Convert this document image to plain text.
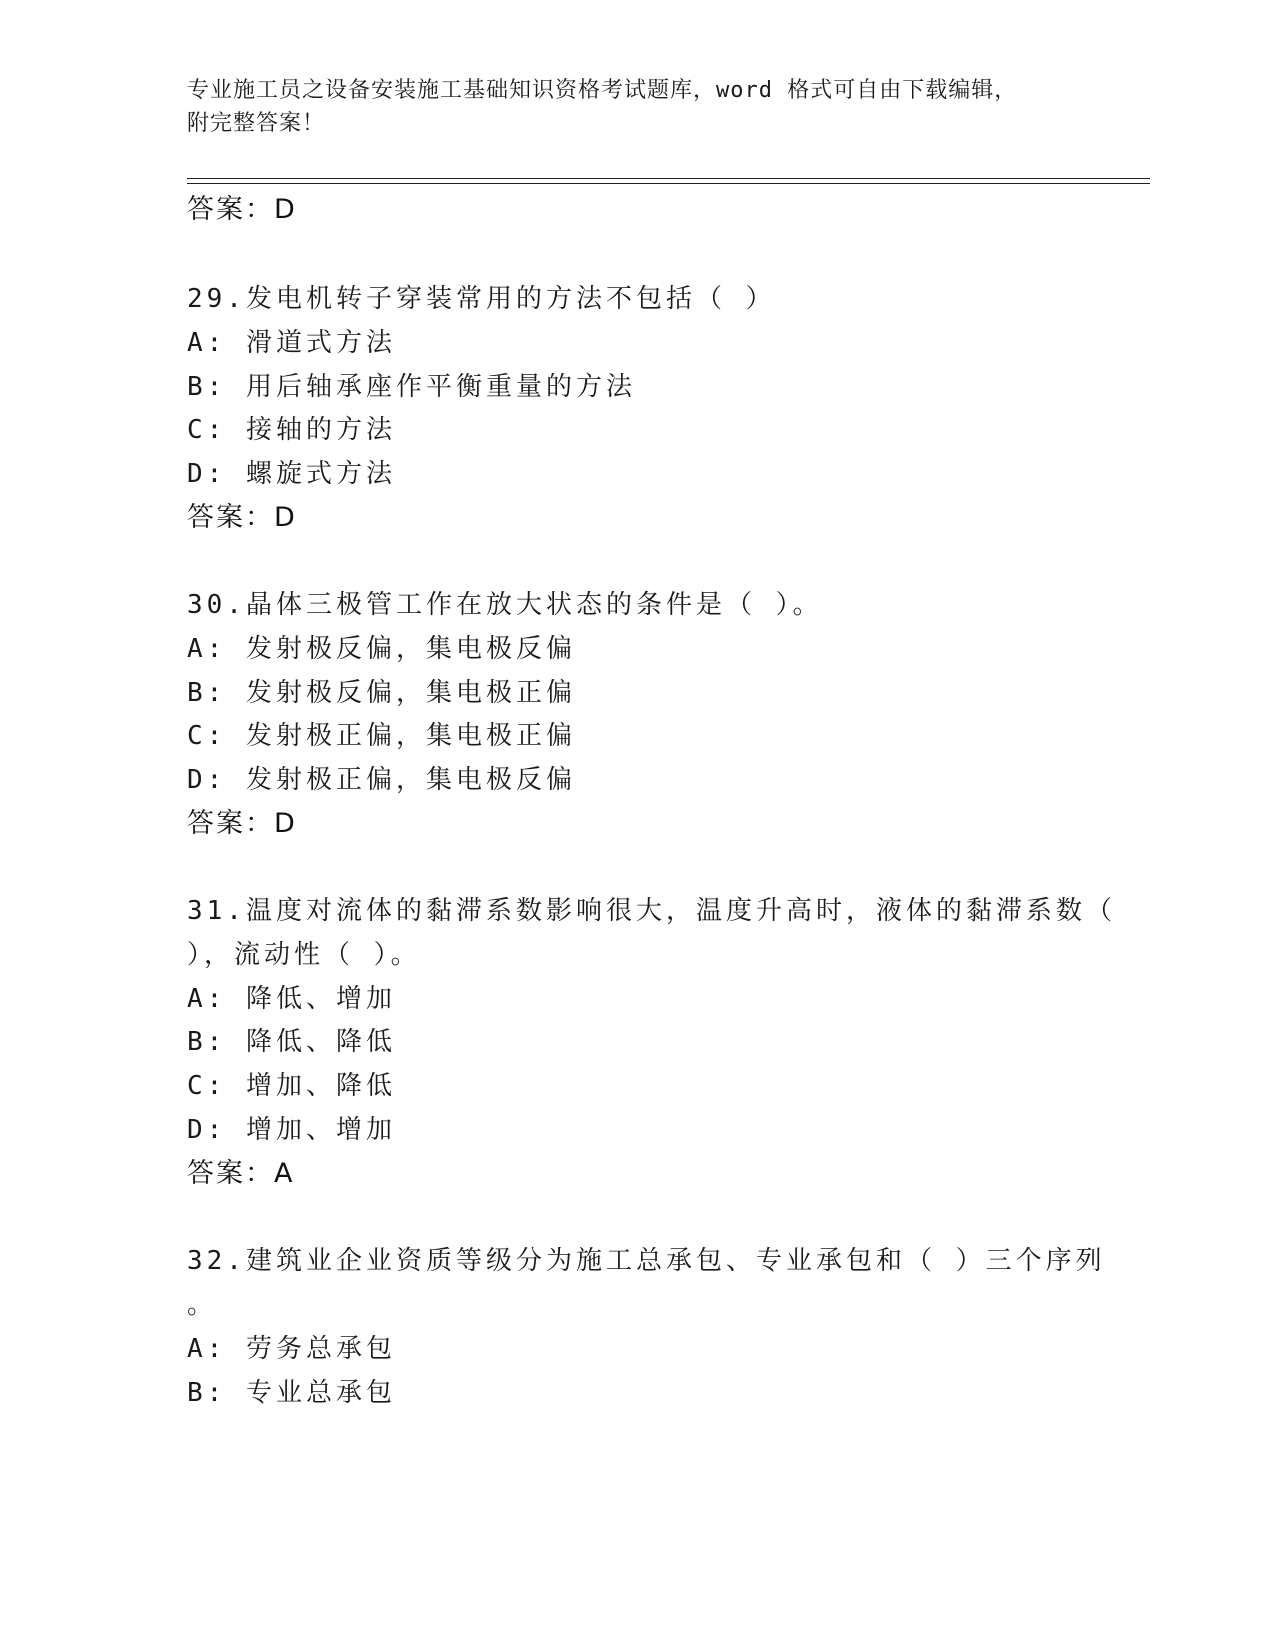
专业施工员之设备安装施工基础知识资格考试题库，word 格式可自由下载编辑，
附完整答案！
答案：D
29.发电机转子穿装常用的方法不包括（ ）
A: 滑道式方法
B: 用后轴承座作平衡重量的方法
C: 接轴的方法
D: 螺旋式方法
答案：D
30.晶体三极管工作在放大状态的条件是（ ）。
A: 发射极反偏，集电极反偏
B: 发射极反偏，集电极正偏
C: 发射极正偏，集电极正偏
D: 发射极正偏，集电极反偏
答案：D
31.温度对流体的黏滞系数影响很大，温度升高时，液体的黏滞系数（
），流动性（ ）。
A: 降低、增加
B: 降低、降低
C: 增加、降低
D: 增加、增加
答案：A
32.建筑业企业资质等级分为施工总承包、专业承包和（ ）三个序列
。
A: 劳务总承包
B: 专业总承包
